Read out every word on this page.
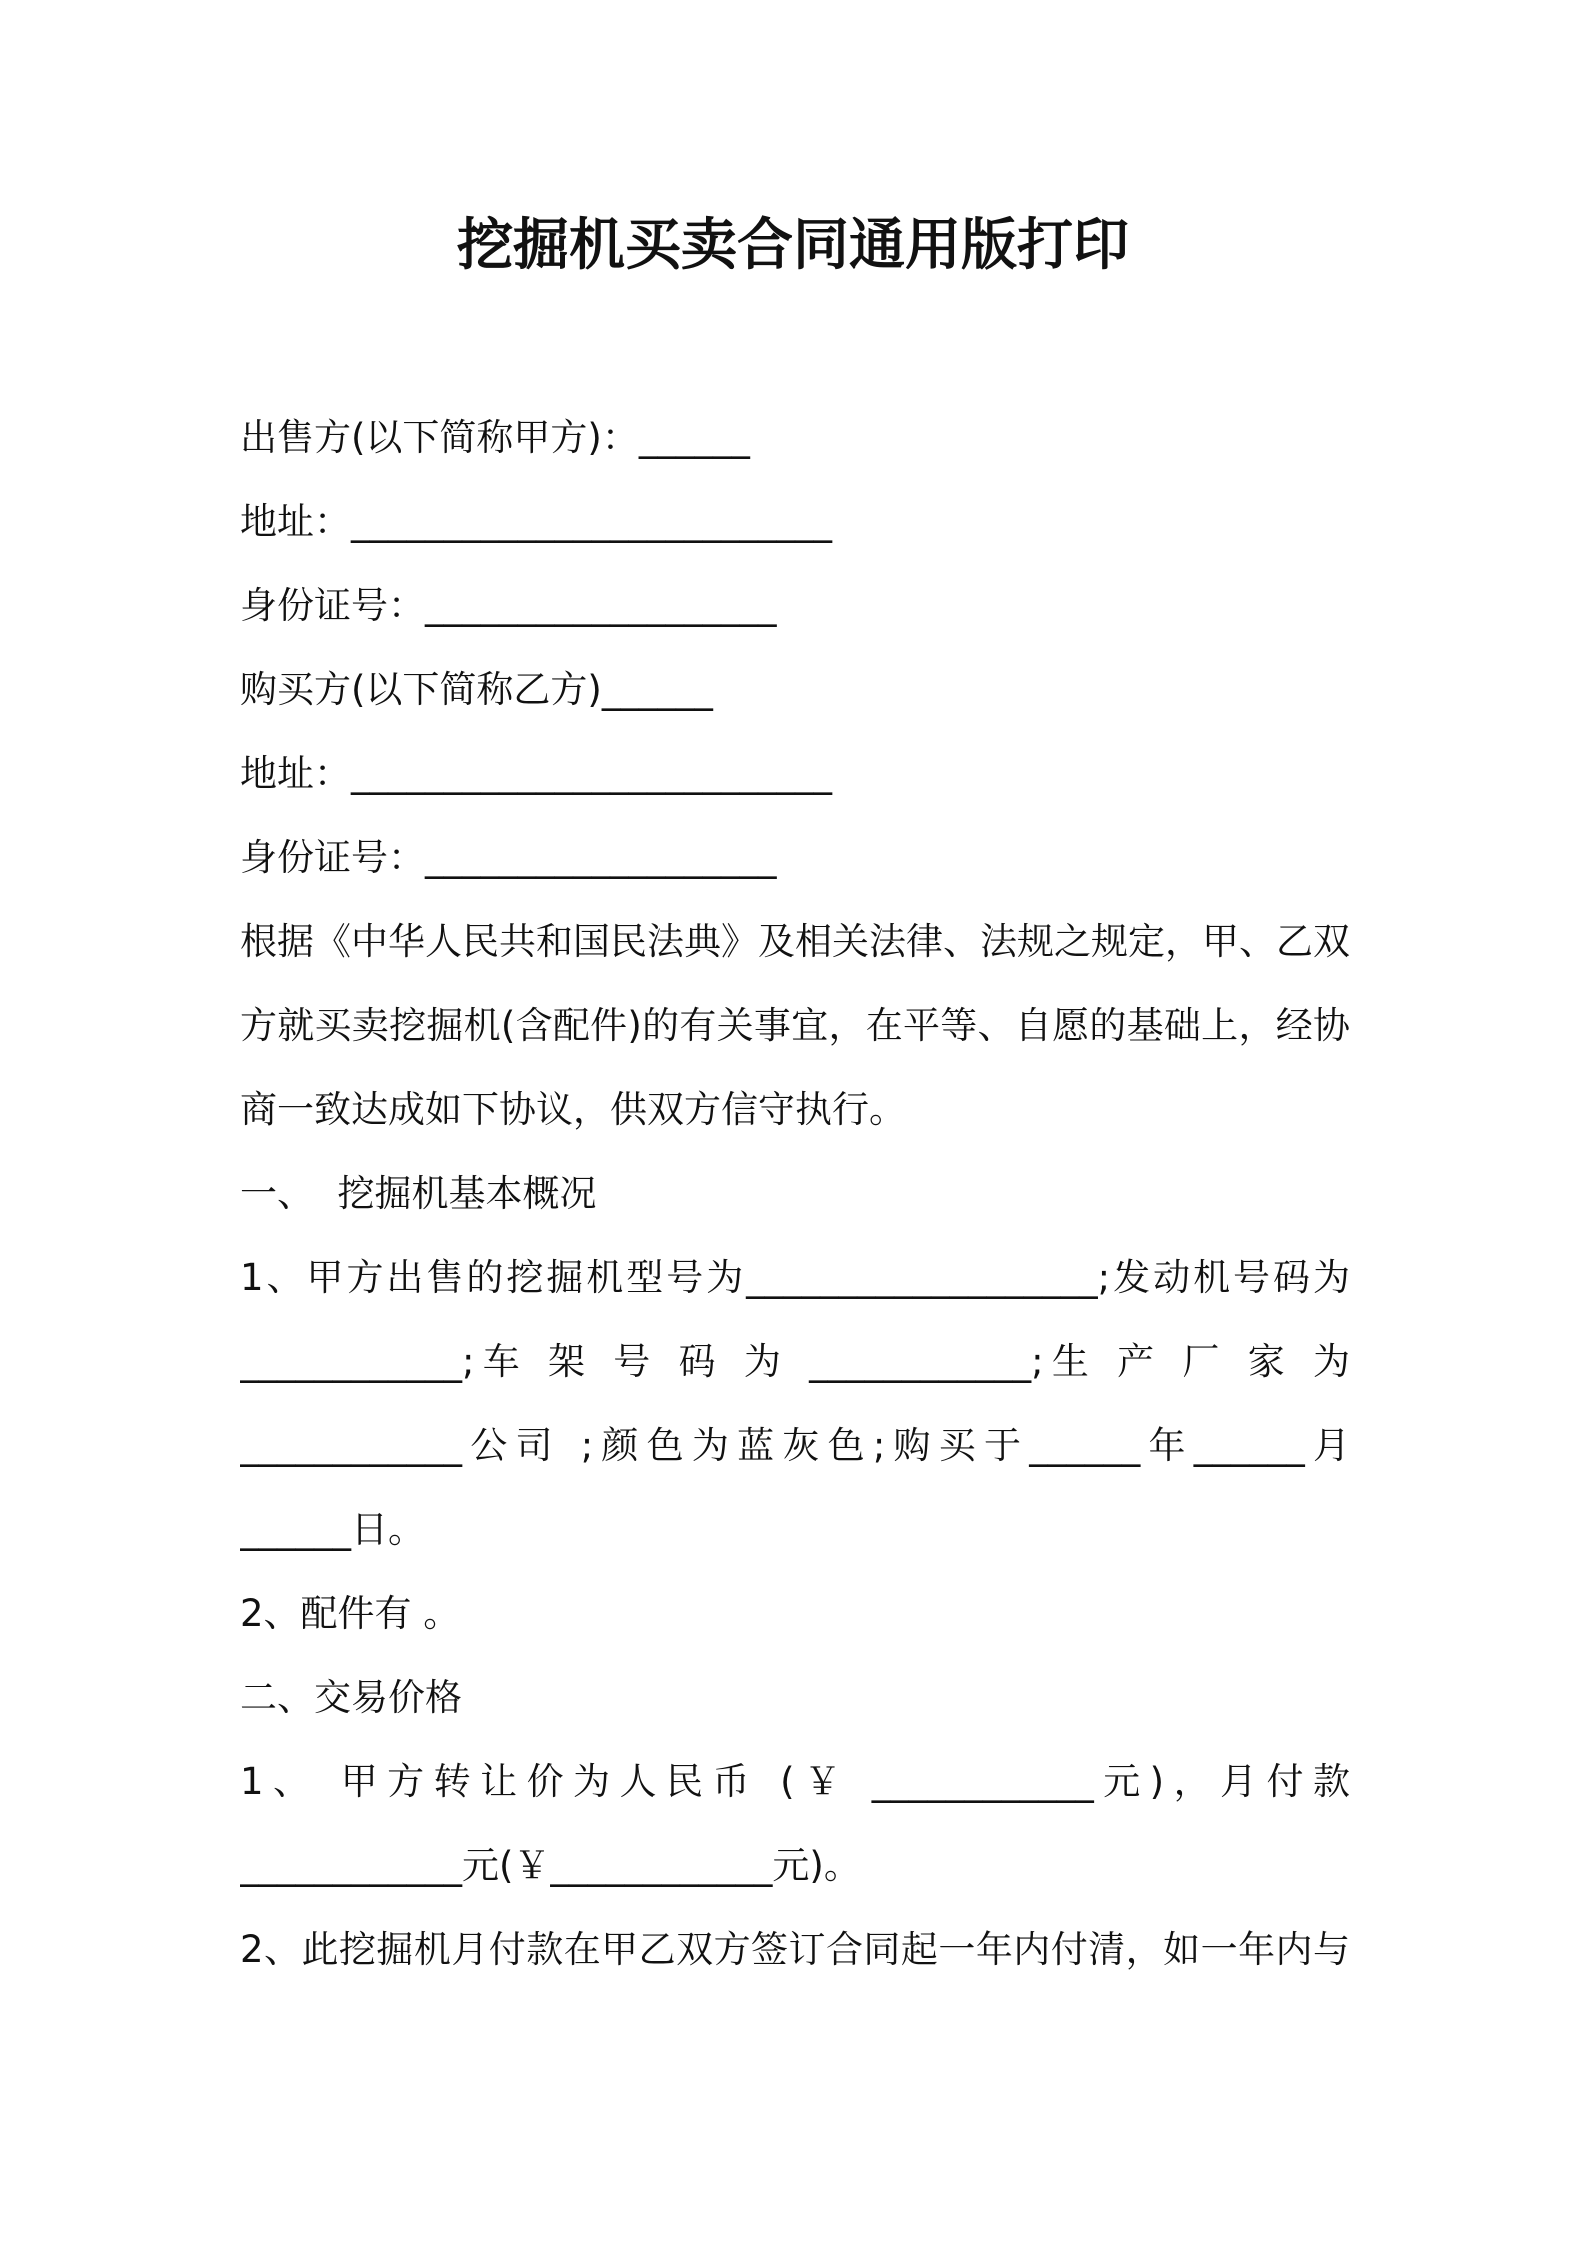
挖掘机买卖合同通用版打印
出售方(以下简称甲方)：______
地址：__________________________
身份证号：___________________
购买方(以下简称乙方)______
地址：__________________________
身份证号：___________________
根据《中华人民共和国民法典》及相关法律、法规之规定，甲、乙双
方就买卖挖掘机(含配件)的有关事宜，在平等、自愿的基础上，经协
商一致达成如下协议，供双方信守执行。
一、  挖掘机基本概况
1、甲方出售的挖掘机型号为___________________;发动机号码为
____________;车 架 号 码 为 ____________;生 产 厂 家 为
____________公司 ;颜色为蓝灰色;购买于______年______月
______日。
2、配件有 。
二、交易价格
1、 甲方转让价为人民币 (￥ ____________元)，月付款
____________元(￥____________元)。
2、此挖掘机月付款在甲乙双方签订合同起一年内付清，如一年内与
